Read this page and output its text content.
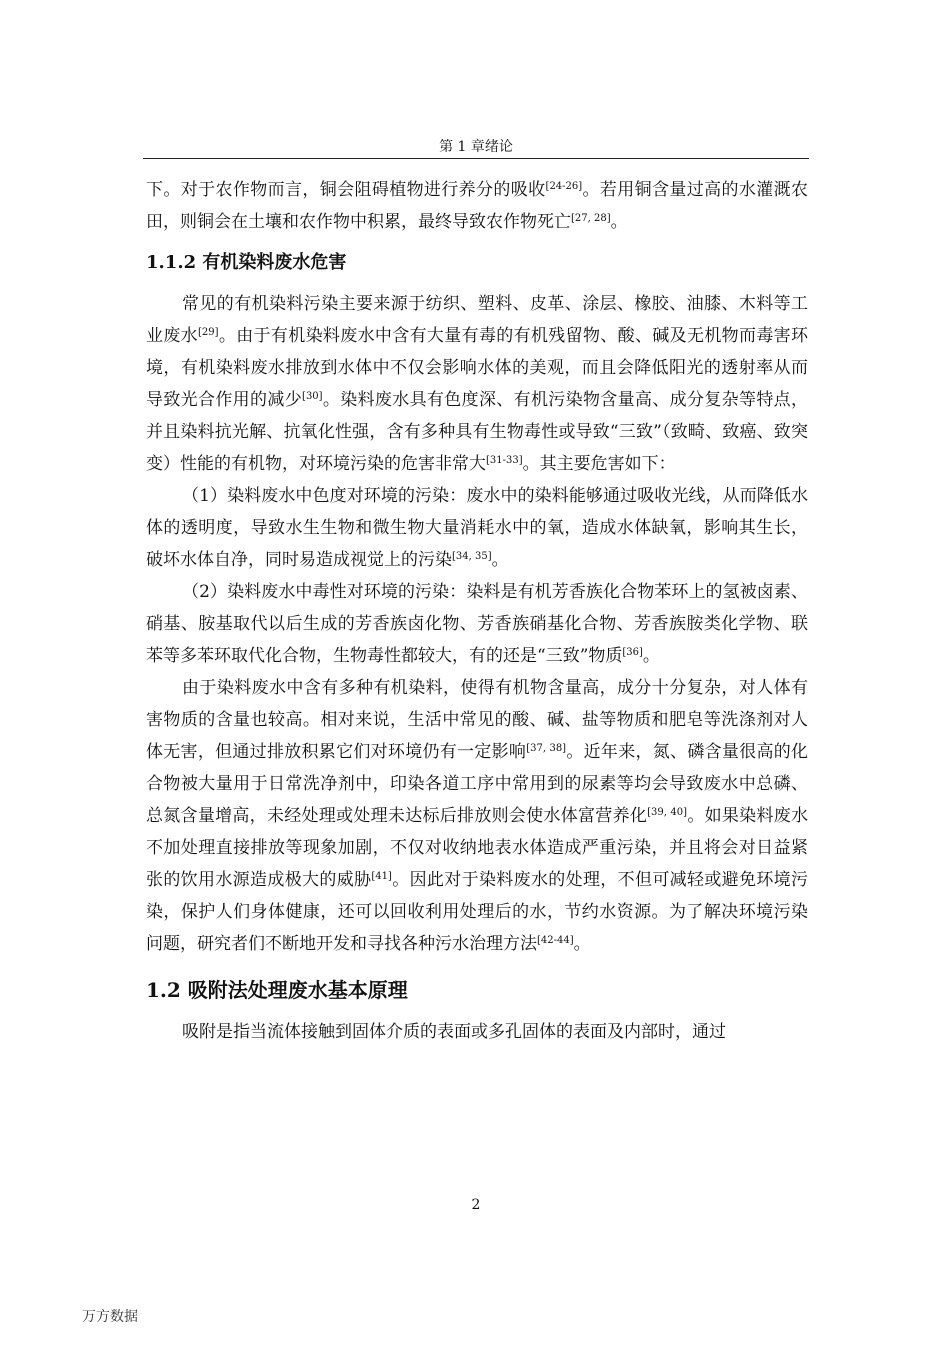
第 1 章绪论

下。对于农作物而言，铜会阻碍植物进行养分的吸收[24-26]。若用铜含量过高的水灌溉农田，则铜会在土壤和农作物中积累，最终导致农作物死亡[27, 28]。

1.1.2 有机染料废水危害

常见的有机染料污染主要来源于纺织、塑料、皮革、涂层、橡胶、油膝、木料等工业废水[29]。由于有机染料废水中含有大量有毒的有机残留物、酸、碱及无机物而毒害环境，有机染料废水排放到水体中不仅会影响水体的美观，而且会降低阳光的透射率从而导致光合作用的减少[30]。染料废水具有色度深、有机污染物含量高、成分复杂等特点，并且染料抗光解、抗氧化性强，含有多种具有生物毒性或导致“三致”（致畸、致癌、致突变）性能的有机物，对环境污染的危害非常大[31-33]。其主要危害如下：

（1）染料废水中色度对环境的污染：废水中的染料能够通过吸收光线，从而降低水体的透明度，导致水生生物和微生物大量消耗水中的氧，造成水体缺氧，影响其生长，破坏水体自净，同时易造成视觉上的污染[34, 35]。

（2）染料废水中毒性对环境的污染：染料是有机芳香族化合物苯环上的氢被卤素、硝基、胺基取代以后生成的芳香族卤化物、芳香族硝基化合物、芳香族胺类化学物、联苯等多苯环取代化合物，生物毒性都较大，有的还是“三致”物质[36]。

由于染料废水中含有多种有机染料，使得有机物含量高，成分十分复杂，对人体有害物质的含量也较高。相对来说，生活中常见的酸、碱、盐等物质和肥皂等洗涤剂对人体无害，但通过排放积累它们对环境仍有一定影响[37, 38]。近年来，氮、磷含量很高的化合物被大量用于日常洗净剂中，印染各道工序中常用到的尿素等均会导致废水中总磷、总氮含量增高，未经处理或处理未达标后排放则会使水体富营养化[39, 40]。如果染料废水不加处理直接排放等现象加剧，不仅对收纳地表水体造成严重污染，并且将会对日益紧张的饮用水源造成极大的威胁[41]。因此对于染料废水的处理，不但可减轻或避免环境污染，保护人们身体健康，还可以回收利用处理后的水，节约水资源。为了解决环境污染问题，研究者们不断地开发和寻找各种污水治理方法[42-44]。

1.2 吸附法处理废水基本原理

吸附是指当流体接触到固体介质的表面或多孔固体的表面及内部时，通过

2
万方数据
